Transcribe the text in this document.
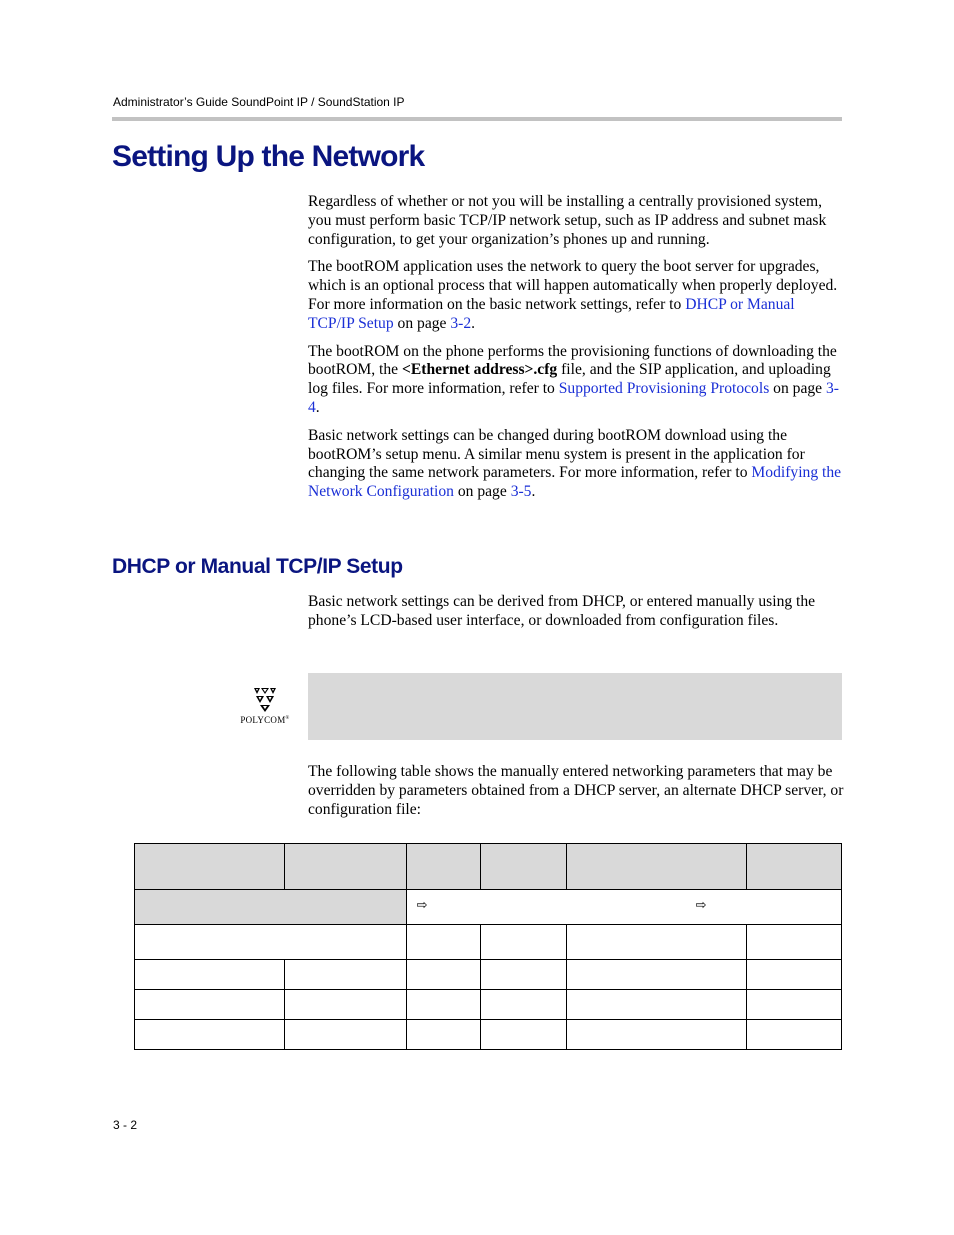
Administrator’s Guide SoundPoint IP / SoundStation IP
Setting Up the Network

Regardless of whether or not you will be installing a centrally provisioned system, you must perform basic TCP/IP network setup, such as IP address and subnet mask configuration, to get your organization’s phones up and running.

The bootROM application uses the network to query the boot server for upgrades, which is an optional process that will happen automatically when properly deployed. For more information on the basic network settings, refer to DHCP or Manual TCP/IP Setup on page 3-2.

The bootROM on the phone performs the provisioning functions of downloading the bootROM, the <Ethernet address>.cfg file, and the SIP application, and uploading log files. For more information, refer to Supported Provisioning Protocols on page 3-4.

Basic network settings can be changed during bootROM download using the bootROM’s setup menu. A similar menu system is present in the application for changing the same network parameters. For more information, refer to Modifying the Network Configuration on page 3-5.

DHCP or Manual TCP/IP Setup

Basic network settings can be derived from DHCP, or entered manually using the phone’s LCD-based user interface, or downloaded from configuration files.

POLYCOM®

The following table shows the manually entered networking parameters that may be overridden by parameters obtained from a DHCP server, an alternate DHCP server, or configuration file:

		⇨ ⇨			

3 - 2
